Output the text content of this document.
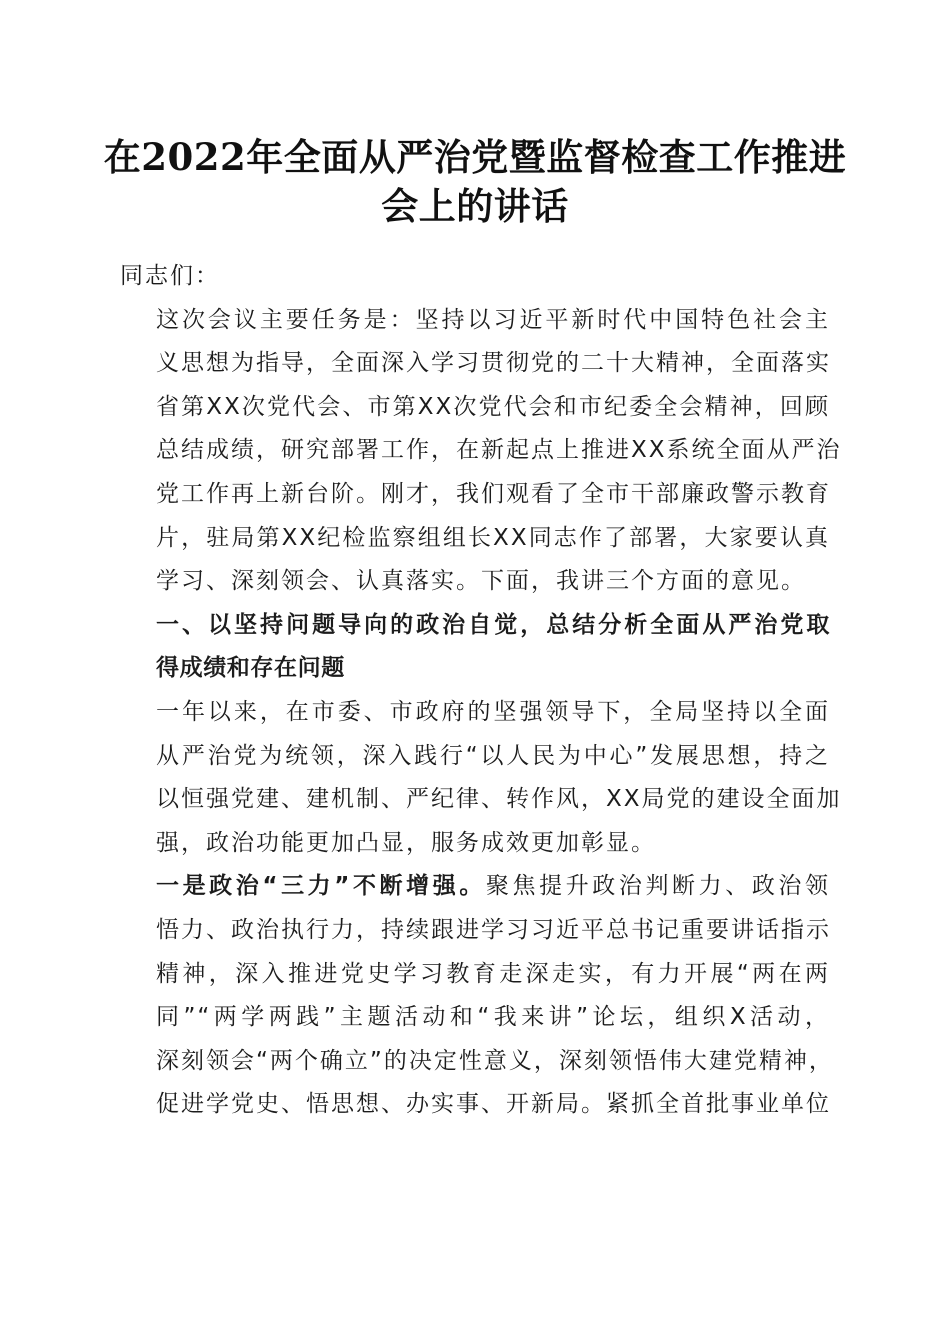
在2022年全面从严治党暨监督检查工作推进
会上的讲话

同志们：

这次会议主要任务是：坚持以习近平新时代中国特色社会主
义思想为指导，全面深入学习贯彻党的二十大精神，全面落实
省第XX次党代会、市第XX次党代会和市纪委全会精神，回顾
总结成绩，研究部署工作，在新起点上推进XX系统全面从严治
党工作再上新台阶。刚才，我们观看了全市干部廉政警示教育
片，驻局第XX纪检监察组组长XX同志作了部署，大家要认真
学习、深刻领会、认真落实。下面，我讲三个方面的意见。

一、以坚持问题导向的政治自觉，总结分析全面从严治党取
得成绩和存在问题

一年以来，在市委、市政府的坚强领导下，全局坚持以全面
从严治党为统领，深入践行“以人民为中心”发展思想，持之
以恒强党建、建机制、严纪律、转作风，XX局党的建设全面加
强，政治功能更加凸显，服务成效更加彰显。

一是政治“三力”不断增强。聚焦提升政治判断力、政治领
悟力、政治执行力，持续跟进学习习近平总书记重要讲话指示
精神，深入推进党史学习教育走深走实，有力开展“两在两
同”“两学两践”主题活动和“我来讲”论坛，组织X活动，
深刻领会“两个确立”的决定性意义，深刻领悟伟大建党精神，
促进学党史、悟思想、办实事、开新局。紧抓全首批事业单位
